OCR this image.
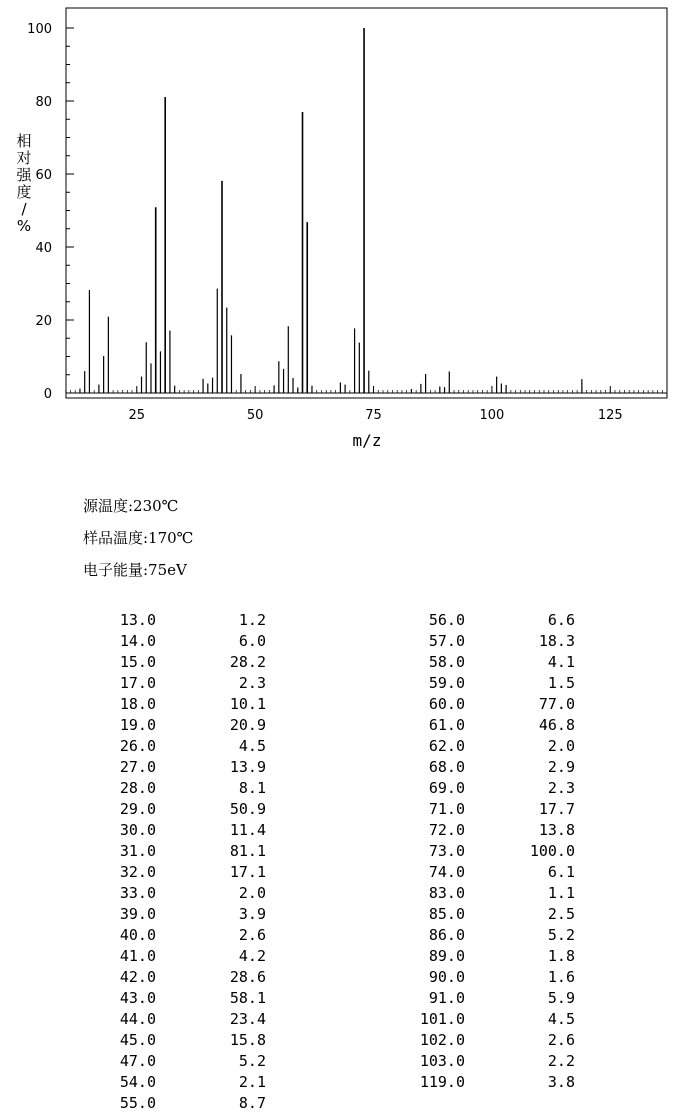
0
20
40
60
80
100
25	50	75	100	125
m/z
相
对
强
度
/
%
源温度:230℃
样品温度:170℃
电子能量:75eV
13.0	1.2
14.0	6.0
15.0	28.2
17.0	2.3
18.0	10.1
19.0	20.9
26.0	4.5
27.0	13.9
28.0	8.1
29.0	50.9
30.0	11.4
31.0	81.1
32.0	17.1
33.0	2.0
39.0	3.9
40.0	2.6
41.0	4.2
42.0	28.6
43.0	58.1
44.0	23.4
45.0	15.8
47.0	5.2
54.0	2.1
55.0	8.7
56.0	6.6
57.0	18.3
58.0	4.1
59.0	1.5
60.0	77.0
61.0	46.8
62.0	2.0
68.0	2.9
69.0	2.3
71.0	17.7
72.0	13.8
73.0	100.0
74.0	6.1
83.0	1.1
85.0	2.5
86.0	5.2
89.0	1.8
90.0	1.6
91.0	5.9
101.0	4.5
102.0	2.6
103.0	2.2
119.0	3.8
